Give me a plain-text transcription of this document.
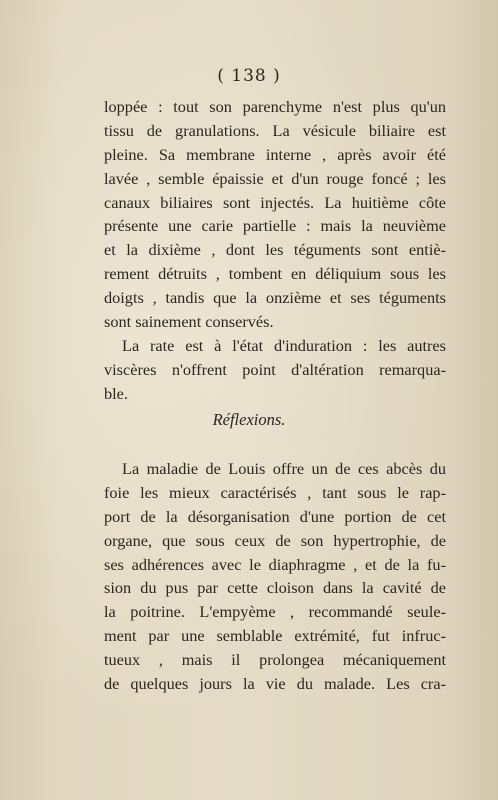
( 138 )
loppée : tout son parenchyme n'est plus qu'un
tissu de granulations. La vésicule biliaire est
pleine. Sa membrane interne , après avoir été
lavée , semble épaissie et d'un rouge foncé ; les
canaux biliaires sont injectés. La huitième côte
présente une carie partielle : mais la neuvième
et la dixième , dont les téguments sont entiè-
rement détruits , tombent en déliquium sous les
doigts , tandis que la onzième et ses téguments
sont sainement conservés.
La rate est à l'état d'induration : les autres
viscères n'offrent point d'altération remarqua-
ble.
Réflexions.
La maladie de Louis offre un de ces abcès du
foie les mieux caractérisés , tant sous le rap-
port de la désorganisation d'une portion de cet
organe, que sous ceux de son hypertrophie, de
ses adhérences avec le diaphragme , et de la fu-
sion du pus par cette cloison dans la cavité de
la poitrine. L'empyème , recommandé seule-
ment par une semblable extrémité, fut infruc-
tueux , mais il prolongea mécaniquement
de quelques jours la vie du malade. Les cra-
